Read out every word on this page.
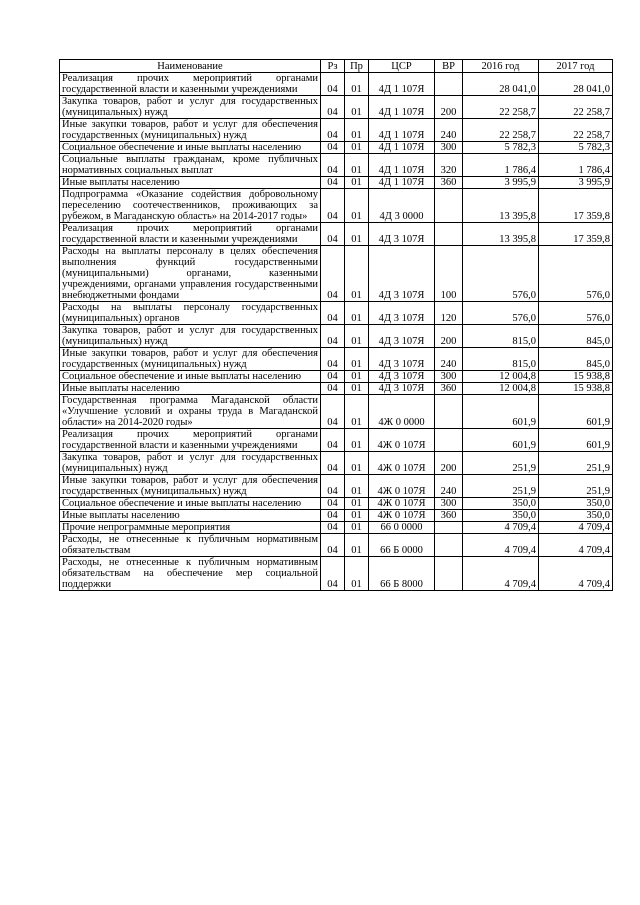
Наименование	Рз	Пр	ЦСР	ВР	2016 год	2017 год
Реализация прочих мероприятий органами государственной власти и казенными учреждениями	04	01	4Д 1 107Я		28 041,0	28 041,0
Закупка товаров, работ и услуг для государственных (муниципальных) нужд	04	01	4Д 1 107Я	200	22 258,7	22 258,7
Иные закупки товаров, работ и услуг для обеспечения государственных (муниципальных) нужд	04	01	4Д 1 107Я	240	22 258,7	22 258,7
Социальное обеспечение и иные выплаты населению	04	01	4Д 1 107Я	300	5 782,3	5 782,3
Социальные выплаты гражданам, кроме публичных нормативных социальных выплат	04	01	4Д 1 107Я	320	1 786,4	1 786,4
Иные выплаты населению	04	01	4Д 1 107Я	360	3 995,9	3 995,9
Подпрограмма «Оказание содействия добровольному переселению соотечественников, проживающих за рубежом, в Магаданскую область» на 2014-2017 годы»	04	01	4Д 3 0000		13 395,8	17 359,8
Реализация прочих мероприятий органами государственной власти и казенными учреждениями	04	01	4Д 3 107Я		13 395,8	17 359,8
Расходы на выплаты персоналу в целях обеспечения выполнения функций государственными (муниципальными) органами, казенными учреждениями, органами управления государственными внебюджетными фондами	04	01	4Д 3 107Я	100	576,0	576,0
Расходы на выплаты персоналу государственных (муниципальных) органов	04	01	4Д 3 107Я	120	576,0	576,0
Закупка товаров, работ и услуг для государственных (муниципальных) нужд	04	01	4Д 3 107Я	200	815,0	845,0
Иные закупки товаров, работ и услуг для обеспечения государственных (муниципальных) нужд	04	01	4Д 3 107Я	240	815,0	845,0
Социальное обеспечение и иные выплаты населению	04	01	4Д 3 107Я	300	12 004,8	15 938,8
Иные выплаты населению	04	01	4Д 3 107Я	360	12 004,8	15 938,8
Государственная программа Магаданской области «Улучшение условий и охраны труда в Магаданской области» на 2014-2020 годы»	04	01	4Ж 0 0000		601,9	601,9
Реализация прочих мероприятий органами государственной власти и казенными учреждениями	04	01	4Ж 0 107Я		601,9	601,9
Закупка товаров, работ и услуг для государственных (муниципальных) нужд	04	01	4Ж 0 107Я	200	251,9	251,9
Иные закупки товаров, работ и услуг для обеспечения государственных (муниципальных) нужд	04	01	4Ж 0 107Я	240	251,9	251,9
Социальное обеспечение и иные выплаты населению	04	01	4Ж 0 107Я	300	350,0	350,0
Иные выплаты населению	04	01	4Ж 0 107Я	360	350,0	350,0
Прочие непрограммные мероприятия	04	01	66 0 0000		4 709,4	4 709,4
Расходы, не отнесенные к публичным нормативным обязательствам	04	01	66 Б 0000		4 709,4	4 709,4
Расходы, не отнесенные к публичным нормативным обязательствам на обеспечение мер социальной поддержки	04	01	66 Б 8000		4 709,4	4 709,4
